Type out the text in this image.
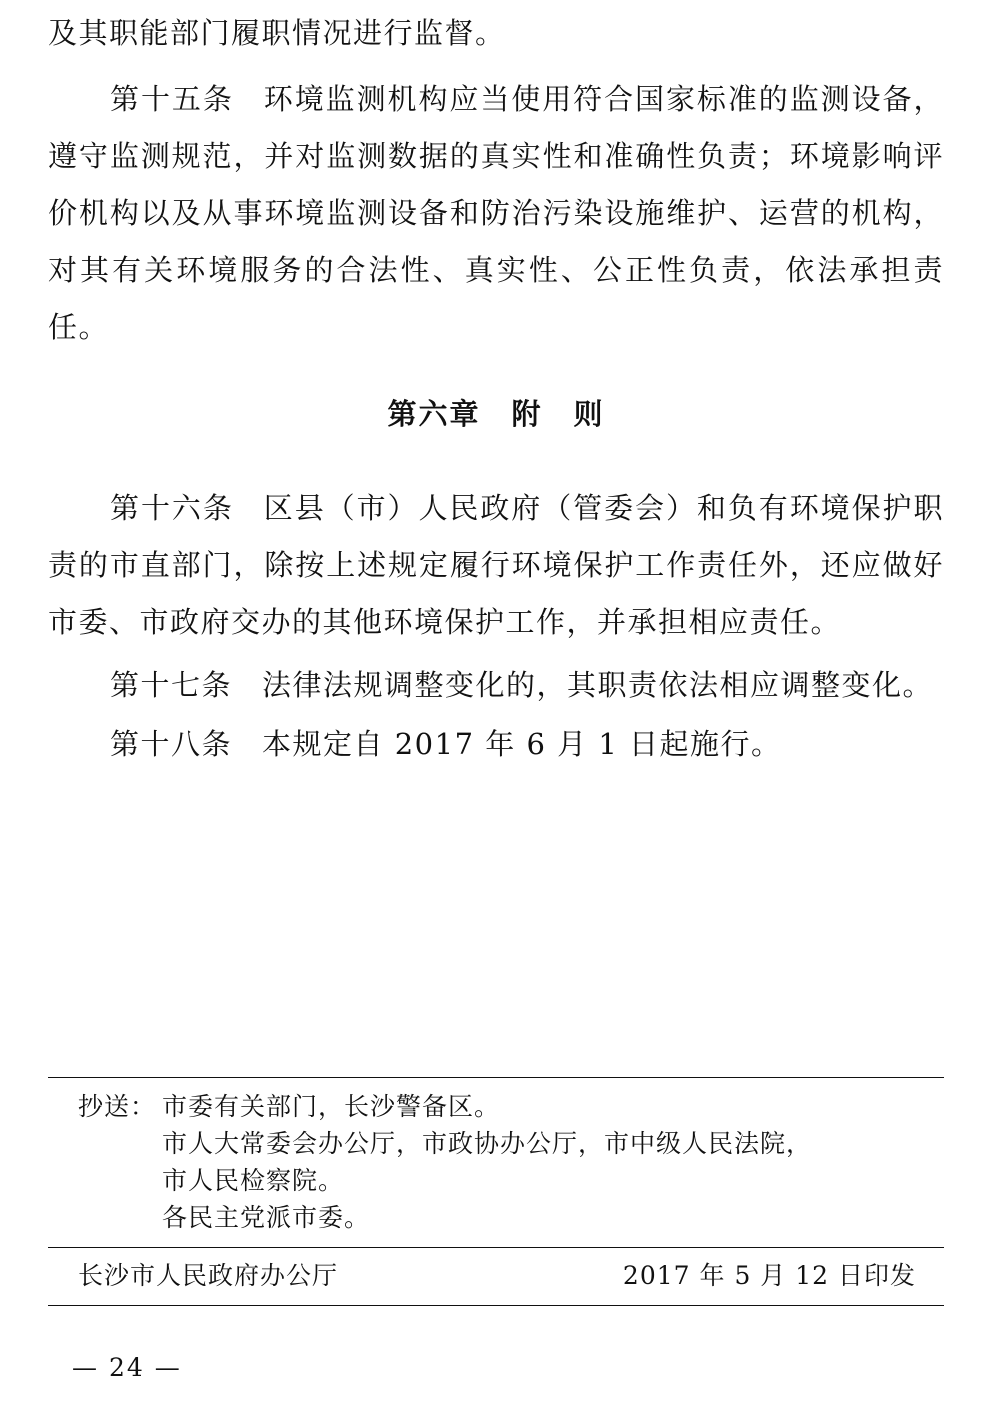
及其职能部门履职情况进行监督。

第十五条 环境监测机构应当使用符合国家标准的监测设备，遵守监测规范，并对监测数据的真实性和准确性负责；环境影响评价机构以及从事环境监测设备和防治污染设施维护、运营的机构，对其有关环境服务的合法性、真实性、公正性负责，依法承担责任。

第六章　附　则

第十六条 区县（市）人民政府（管委会）和负有环境保护职责的市直部门，除按上述规定履行环境保护工作责任外，还应做好市委、市政府交办的其他环境保护工作，并承担相应责任。

第十七条 法律法规调整变化的，其职责依法相应调整变化。

第十八条 本规定自 2017 年 6 月 1 日起施行。

抄送： 市委有关部门，长沙警备区。
市人大常委会办公厅，市政协办公厅，市中级人民法院，
市人民检察院。
各民主党派市委。
长沙市人民政府办公厅	2017 年 5 月 12 日印发
— 24 —
